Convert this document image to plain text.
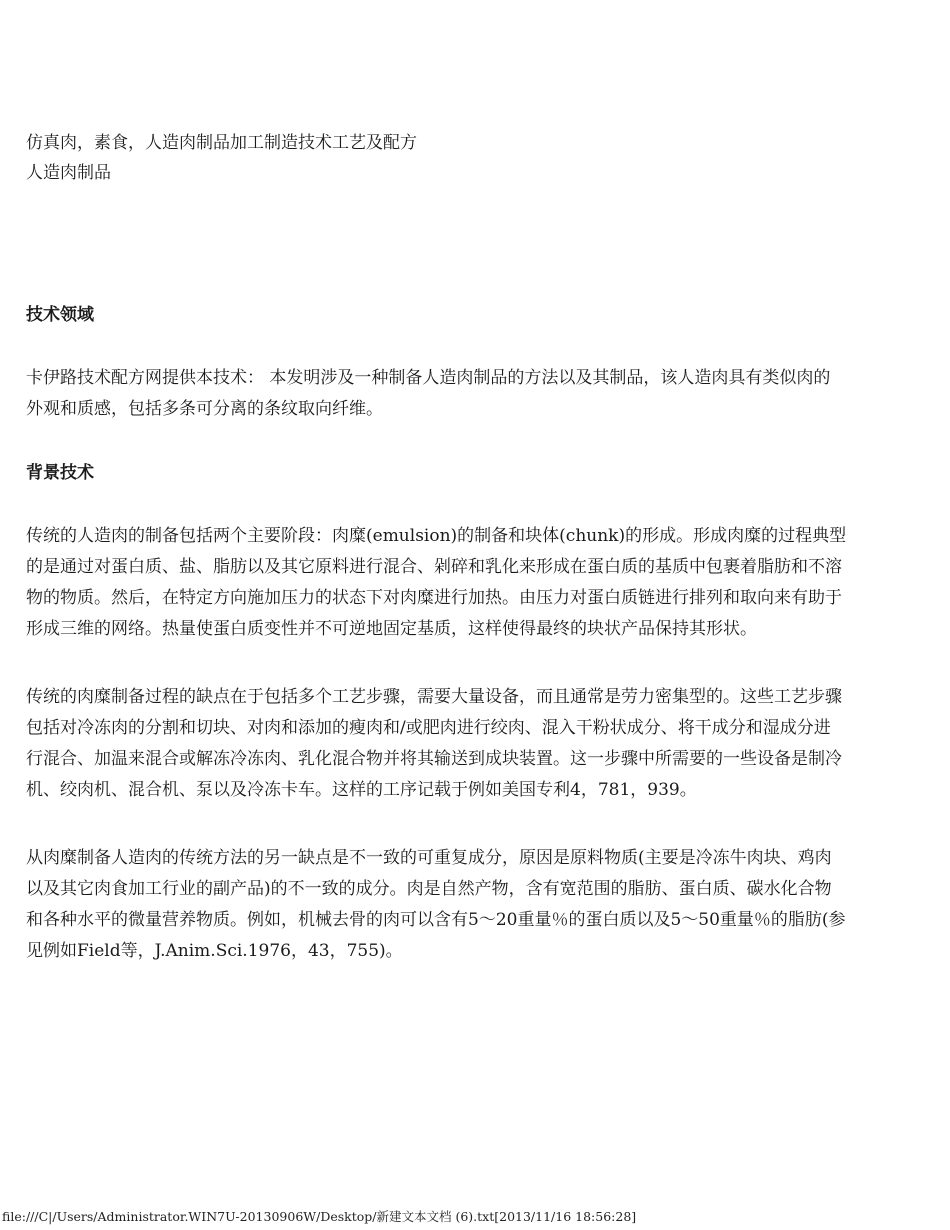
仿真肉，素食，人造肉制品加工制造技术工艺及配方

人造肉制品

技术领域

卡伊路技术配方网提供本技术： 本发明涉及一种制备人造肉制品的方法以及其制品，该人造肉具有类似肉的

外观和质感，包括多条可分离的条纹取向纤维。

背景技术

传统的人造肉的制备包括两个主要阶段：肉糜(emulsion)的制备和块体(chunk)的形成。形成肉糜的过程典型

的是通过对蛋白质、盐、脂肪以及其它原料进行混合、剁碎和乳化来形成在蛋白质的基质中包裹着脂肪和不溶

物的物质。然后，在特定方向施加压力的状态下对肉糜进行加热。由压力对蛋白质链进行排列和取向来有助于

形成三维的网络。热量使蛋白质变性并不可逆地固定基质，这样使得最终的块状产品保持其形状。

传统的肉糜制备过程的缺点在于包括多个工艺步骤，需要大量设备，而且通常是劳力密集型的。这些工艺步骤

包括对冷冻肉的分割和切块、对肉和添加的瘦肉和/或肥肉进行绞肉、混入干粉状成分、将干成分和湿成分进

行混合、加温来混合或解冻冷冻肉、乳化混合物并将其输送到成块装置。这一步骤中所需要的一些设备是制冷

机、绞肉机、混合机、泵以及冷冻卡车。这样的工序记载于例如美国专利4，781，939。

从肉糜制备人造肉的传统方法的另一缺点是不一致的可重复成分，原因是原料物质(主要是冷冻牛肉块、鸡肉

以及其它肉食加工行业的副产品)的不一致的成分。肉是自然产物，含有宽范围的脂肪、蛋白质、碳水化合物

和各种水平的微量营养物质。例如，机械去骨的肉可以含有5～20重量％的蛋白质以及5～50重量％的脂肪(参

见例如Field等，J.Anim.Sci.1976，43，755)。

file:///C|/Users/Administrator.WIN7U-20130906W/Desktop/新建文本文档 (6).txt[2013/11/16 18:56:28]
